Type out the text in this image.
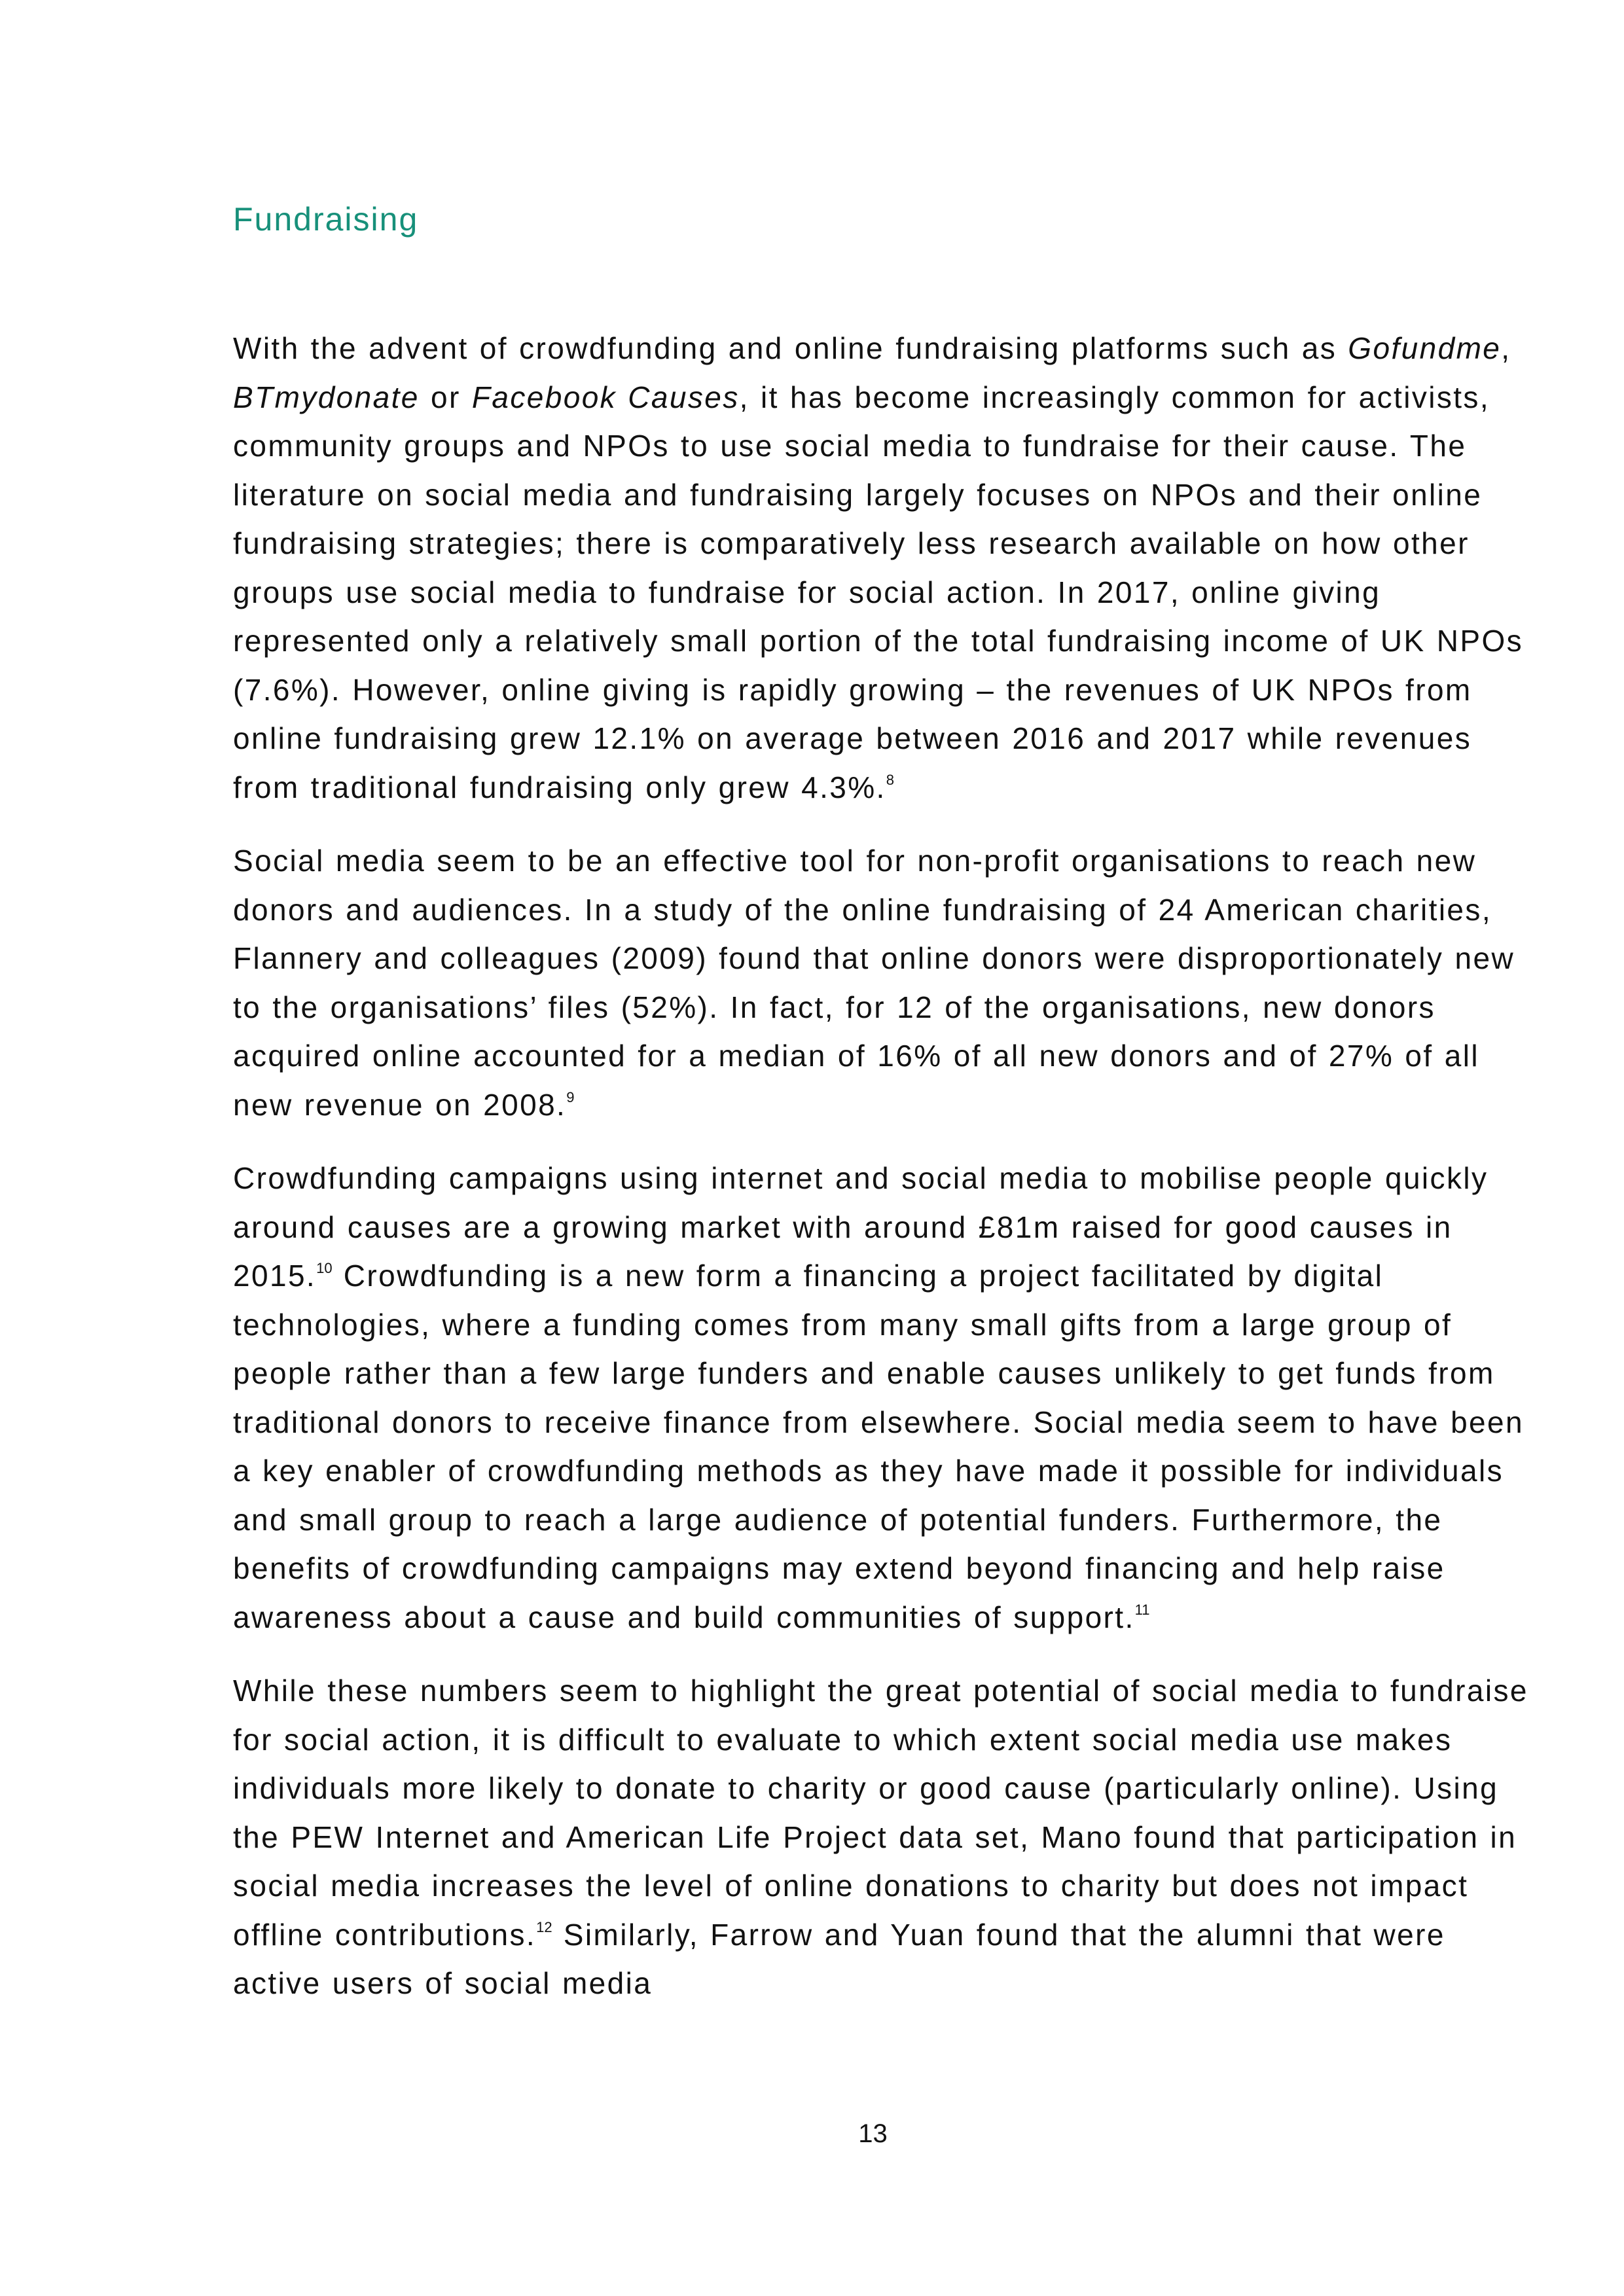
Fundraising

With the advent of crowdfunding and online fundraising platforms such as Gofundme, BTmydonate or Facebook Causes, it has become increasingly common for activists, community groups and NPOs to use social media to fundraise for their cause. The literature on social media and fundraising largely focuses on NPOs and their online fundraising strategies; there is comparatively less research available on how other groups use social media to fundraise for social action. In 2017, online giving represented only a relatively small portion of the total fundraising income of UK NPOs (7.6%). However, online giving is rapidly growing – the revenues of UK NPOs from online fundraising grew 12.1% on average between 2016 and 2017 while revenues from traditional fundraising only grew 4.3%.$^8$

Social media seem to be an effective tool for non-profit organisations to reach new donors and audiences. In a study of the online fundraising of 24 American charities, Flannery and colleagues (2009) found that online donors were disproportionately new to the organisations’ files (52%). In fact, for 12 of the organisations, new donors acquired online accounted for a median of 16% of all new donors and of 27% of all new revenue on 2008.$^9$

Crowdfunding campaigns using internet and social media to mobilise people quickly around causes are a growing market with around £81m raised for good causes in 2015.10 Crowdfunding is a new form a financing a project facilitated by digital technologies, where a funding comes from many small gifts from a large group of people rather than a few large funders and enable causes unlikely to get funds from traditional donors to receive finance from elsewhere. Social media seem to have been a key enabler of crowdfunding methods as they have made it possible for individuals and small group to reach a large audience of potential funders. Furthermore, the benefits of crowdfunding campaigns may extend beyond financing and help raise awareness about a cause and build communities of support.$^{11}$

While these numbers seem to highlight the great potential of social media to fundraise for social action, it is difficult to evaluate to which extent social media use makes individuals more likely to donate to charity or good cause (particularly online). Using the PEW Internet and American Life Project data set, Mano found that participation in social media increases the level of online donations to charity but does not impact offline contributions.$^{12}$ Similarly, Farrow and Yuan found that the alumni that were active users of social media

13
